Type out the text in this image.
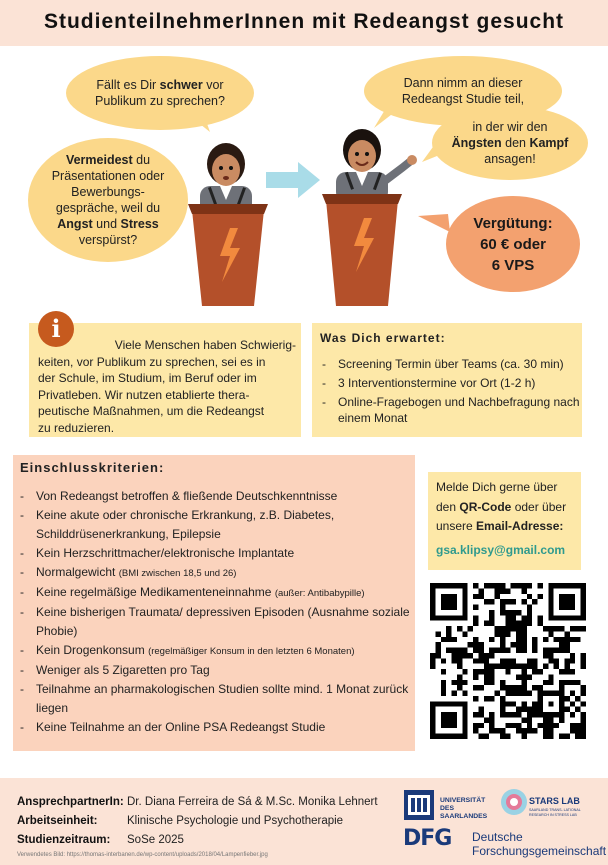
StudienteilnehmerInnen mit Redeangst gesucht
Fällt es Dir schwer vor
Publikum zu sprechen?
Vermeidest du
Präsentationen oder
Bewerbungs-
gespräche, weil du
Angst und Stress
verspürst?
Dann nimm an dieser
Redeangst Studie teil,
in der wir den
Ängsten den Kampf
ansagen!
Vergütung:
60 € oder
6 VPS
i
Viele Menschen haben Schwierig-
keiten, vor Publikum zu sprechen, sei es in
der Schule, im Studium, im Beruf oder im
Privatleben. Wir nutzen etablierte thera-
peutische Maßnahmen, um die Redeangst
zu reduzieren.
Was Dich erwartet:
- Screening Termin über Teams (ca. 30 min)
- 3 Interventionstermine vor Ort (1-2 h)
- Online-Fragebogen und Nachbefragung nach einem Monat
Einschlusskriterien:
- Von Redeangst betroffen & fließende Deutschkenntnisse
- Keine akute oder chronische Erkrankung, z.B. Diabetes, Schilddrüsenerkrankung, Epilepsie
- Kein Herzschrittmacher/elektronische Implantate
- Normalgewicht (BMI zwischen 18,5 und 26)
- Keine regelmäßige Medikamenteneinnahme (außer: Antibabypille)
- Keine bisherigen Traumata/ depressiven Episoden (Ausnahme soziale Phobie)
- Kein Drogenkonsum (regelmäßiger Konsum in den letzten 6 Monaten)
- Weniger als 5 Zigaretten pro Tag
- Teilnahme an pharmakologischen Studien sollte mind. 1 Monat zurück liegen
- Keine Teilnahme an der Online PSA Redeangst Studie
Melde Dich gerne über
den QR-Code oder über
unsere Email-Adresse:
gsa.klipsy@gmail.com
AnsprechpartnerIn: Dr. Diana Ferreira de Sá & M.Sc. Monika Lehnert
Arbeitseinheit:	Klinische Psychologie und Psychotherapie
Studienzeitraum: SoSe 2025
Verwendetes Bild: https://thomas-interbanen.de/wp-content/uploads/2018/04/Lampenfieber.jpg
UNIVERSITÄT
DES
SAARLANDES
STARS LAB
SAARLAND TRANS- LATIONAL RESEARCH IN STRESS LAB
DFG Deutsche
Forschungsgemeinschaft
